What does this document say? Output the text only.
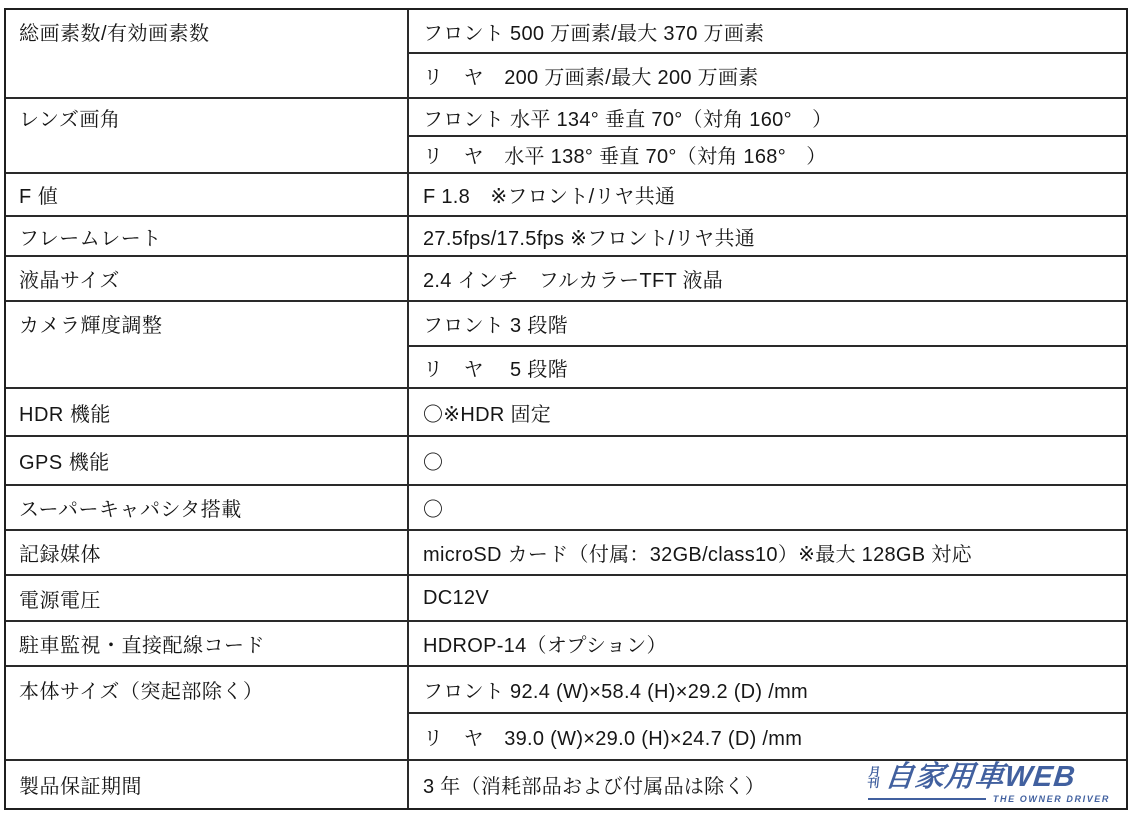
総画素数/有効画素数	フロント 500 万画素/最大 370 万画素
リ　ヤ　200 万画素/最大 200 万画素
レンズ画角	フロント 水平 134° 垂直 70°（対角 160°　）
リ　ヤ　水平 138° 垂直 70°（対角 168°　）
F 値	F 1.8　※フロント/リヤ共通
フレームレート	27.5fps/17.5fps ※フロント/リヤ共通
液晶サイズ	2.4 インチ　フルカラーTFT 液晶
カメラ輝度調整	フロント 3 段階
リ　ヤ　 5 段階
HDR 機能	〇※HDR 固定
GPS 機能	〇
スーパーキャパシタ搭載	〇
記録媒体	microSD カード（付属：32GB/class10）※最大 128GB 対応
電源電圧	DC12V
駐車監視・直接配線コード	HDROP-14（オプション）
本体サイズ（突起部除く）	フロント 92.4 (W)×58.4 (H)×29.2 (D) /mm
リ　ヤ　39.0 (W)×29.0 (H)×24.7 (D) /mm
製品保証期間	3 年（消耗部品および付属品は除く）
月刊 自家用車WEB
THE OWNER DRIVER
